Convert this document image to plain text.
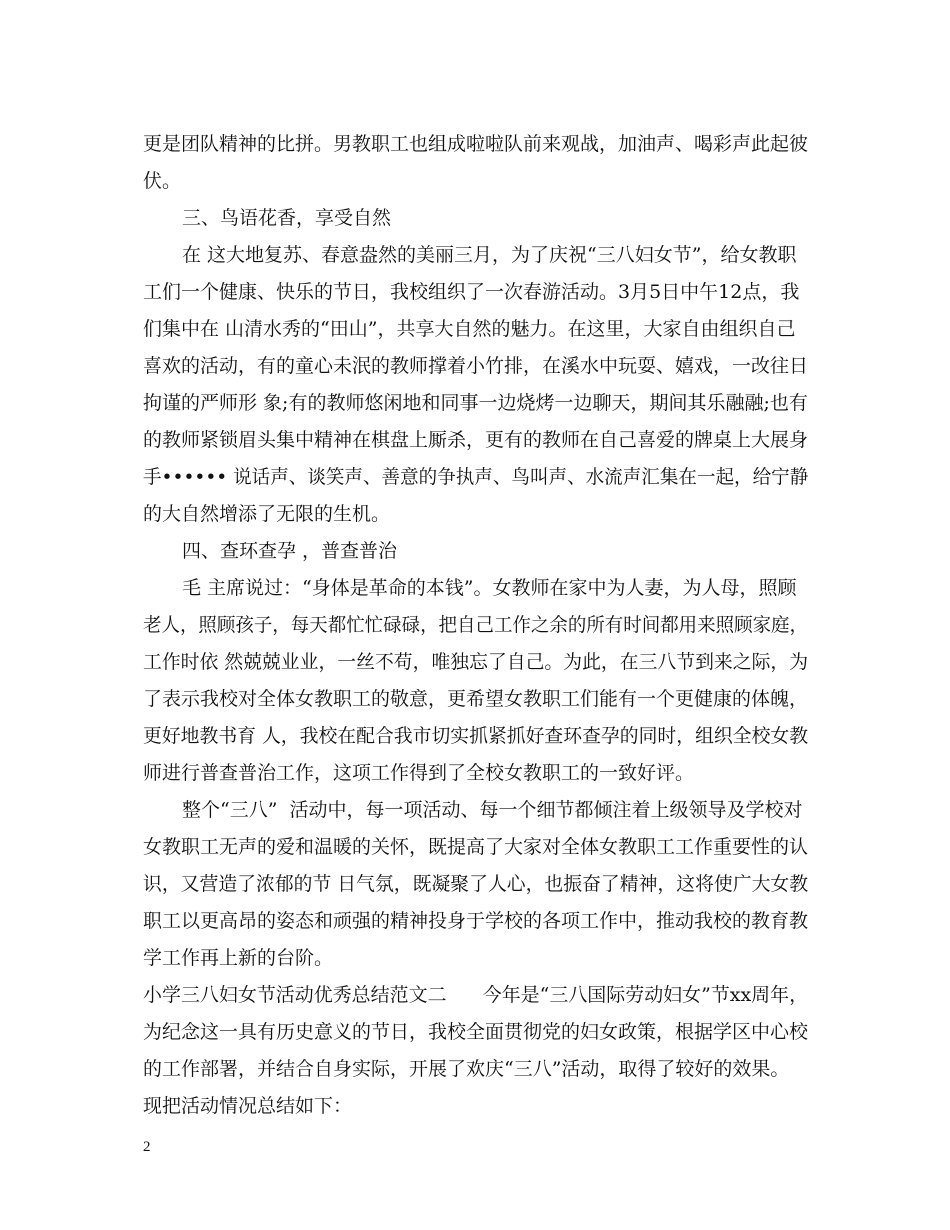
更是团队精神的比拼。男教职工也组成啦啦队前来观战，加油声、喝彩声此起彼
伏。
三、鸟语花香，享受自然
在 这大地复苏、春意盎然的美丽三月，为了庆祝“三八妇女节”，给女教职
工们一个健康、快乐的节日，我校组织了一次春游活动。3月5日中午12点，我
们集中在 山清水秀的“田山”，共享大自然的魅力。在这里，大家自由组织自己
喜欢的活动，有的童心未泯的教师撑着小竹排，在溪水中玩耍、嬉戏，一改往日
拘谨的严师形 象;有的教师悠闲地和同事一边烧烤一边聊天，期间其乐融融;也有
的教师紧锁眉头集中精神在棋盘上厮杀，更有的教师在自己喜爱的牌桌上大展身
手•••••• 说话声、谈笑声、善意的争执声、鸟叫声、水流声汇集在一起，给宁静
的大自然增添了无限的生机。
四、查环查孕 ，普查普治
毛 主席说过：“身体是革命的本钱”。女教师在家中为人妻，为人母，照顾
老人，照顾孩子，每天都忙忙碌碌，把自己工作之余的所有时间都用来照顾家庭，
工作时依 然兢兢业业，一丝不苟，唯独忘了自己。为此，在三八节到来之际，为
了表示我校对全体女教职工的敬意，更希望女教职工们能有一个更健康的体魄，
更好地教书育 人，我校在配合我市切实抓紧抓好查环查孕的同时，组织全校女教
师进行普查普治工作，这项工作得到了全校女教职工的一致好评。
整个“三八”  活动中，每一项活动、每一个细节都倾注着上级领导及学校对
女教职工无声的爱和温暖的关怀，既提高了大家对全体女教职工工作重要性的认
识，又营造了浓郁的节 日气氛，既凝聚了人心，也振奋了精神，这将使广大女教
职工以更高昂的姿态和顽强的精神投身于学校的各项工作中，推动我校的教育教
学工作再上新的台阶。
小学三八妇女节活动优秀总结范文二      今年是“三八国际劳动妇女”节xx周年，
为纪念这一具有历史意义的节日，我校全面贯彻党的妇女政策，根据学区中心校
的工作部署，并结合自身实际，开展了欢庆“三八”活动，取得了较好的效果。
现把活动情况总结如下：
2
